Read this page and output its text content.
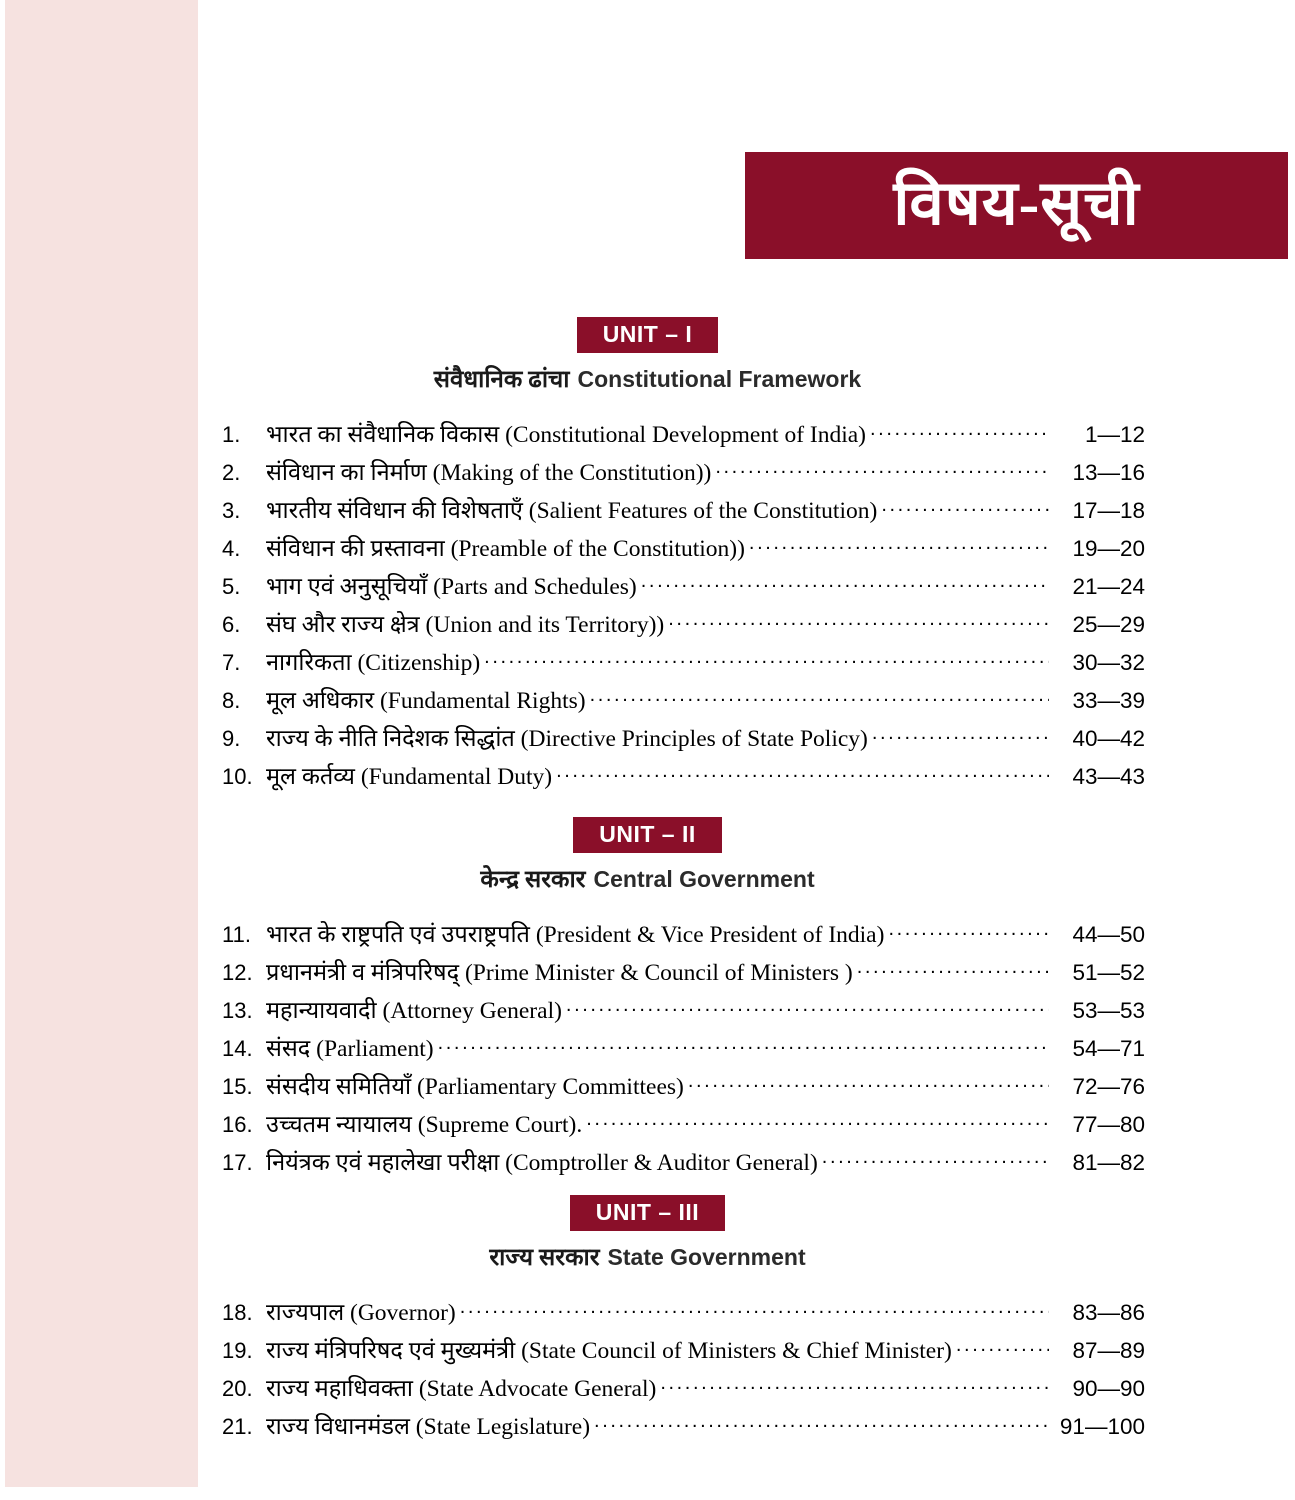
विषय-सूची
UNIT – I
संवैधानिक ढांचा Constitutional Framework
1.	भारत का संवैधानिक विकास (Constitutional Development of India) .....	1—12
2.	संविधान का निर्माण (Making of the Constitution)) .....	13—16
3.	भारतीय संविधान की विशेषताएँ (Salient Features of the Constitution) .....	17—18
4.	संविधान की प्रस्तावना (Preamble of the Constitution)) .....	19—20
5.	भाग एवं अनुसूचियाँ (Parts and Schedules) .....	21—24
6.	संघ और राज्य क्षेत्र (Union and its Territory)) .....	25—29
7.	नागरिकता (Citizenship) .....	30—32
8.	मूल अधिकार (Fundamental Rights) .....	33—39
9.	राज्य के नीति निदेशक सिद्धांत (Directive Principles of State Policy) .....	40—42
10. मूल कर्तव्य (Fundamental Duty) .....	43—43
UNIT – II
केन्द्र सरकार Central Government
11. भारत के राष्ट्रपति एवं उपराष्ट्रपति (President & Vice President of India) .....	44—50
12. प्रधानमंत्री व मंत्रिपरिषद् (Prime Minister & Council of Ministers ) .....	51—52
13. महान्यायवादी (Attorney General) .....	53—53
14. संसद (Parliament) .....	54—71
15. संसदीय समितियाँ (Parliamentary Committees) .....	72—76
16. उच्चतम न्यायालय (Supreme Court). .....	77—80
17. नियंत्रक एवं महालेखा परीक्षा (Comptroller & Auditor General) .....	81—82
UNIT – III
राज्य सरकार State Government
18. राज्यपाल (Governor) .....	83—86
19. राज्य मंत्रिपरिषद एवं मुख्यमंत्री (State Council of Ministers & Chief Minister) .....	87—89
20. राज्य महाधिवक्ता (State Advocate General) .....	90—90
21. राज्य विधानमंडल (State Legislature) .....	91—100
